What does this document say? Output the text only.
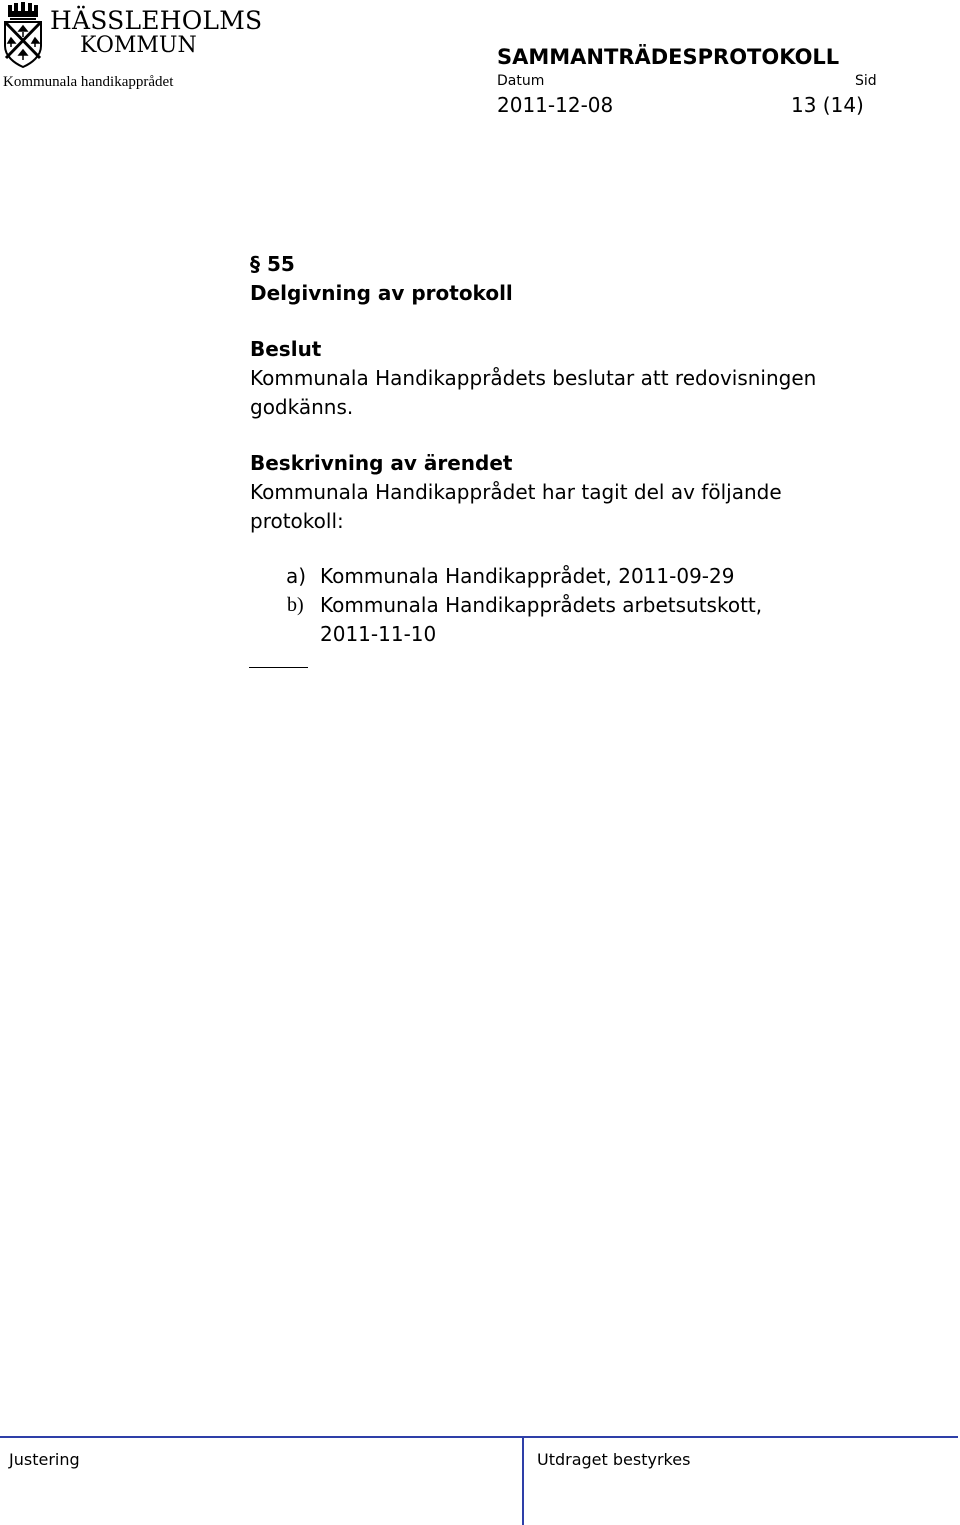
HÄSSLEHOLMS
KOMMUN
Kommunala handikapprådet
SAMMANTRÄDESPROTOKOLL
Datum	Sid
2011-12-08	13 (14)
§ 55
Delgivning av protokoll
Beslut
Kommunala Handikapprådets beslutar att redovisningen
godkänns.
Beskrivning av ärendet
Kommunala Handikapprådet har tagit del av följande
protokoll:
a) Kommunala Handikapprådet, 2011-09-29
b) Kommunala Handikapprådets arbetsutskott,
2011-11-10
Justering	Utdraget bestyrkes
